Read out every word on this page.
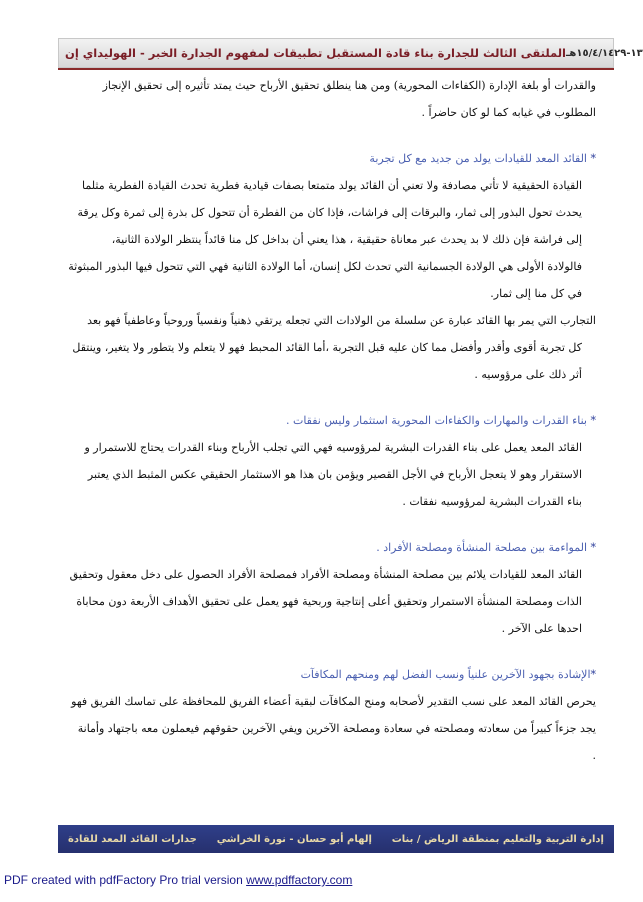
الملتقى الثالث للجدارة بناء قادة المستقبل تطبيقات لمفهوم الجدارة الخبر - الهوليداي إن ١٣-١٥/٤/١٤٢٩هـ

والقدرات أو بلغة الإدارة (الكفاءات المحورية) ومن هنا ينطلق تحقيق الأرباح حيث يمتد تأثيره إلى تحقيق الإنجاز

المطلوب في غيابه كما لو كان حاضراً .

* القائد المعد للقيادات يولد من جديد مع كل تجربة

القيادة الحقيقية لا تأتي مصادفة ولا تعني أن القائد يولد متمتعا بصفات قيادية فطرية تحدث القيادة الفطرية مثلما

يحدث تحول البذور إلى ثمار، والبرقات إلى فراشات، فإذا كان من الفطرة أن تتحول كل بذرة إلى ثمرة وكل يرقة

إلى فراشة فإن ذلك لا بد يحدث عبر معاناة حقيقية ، هذا يعني أن بداخل كل منا قائداً ينتظر الولادة الثانية،

فالولادة الأولى هي الولادة الجسمانية التي تحدث لكل إنسان، أما الولادة الثانية فهي التي تتحول فيها البذور المبثوثة

في كل منا إلى ثمار.

التجارب التي يمر بها القائد عبارة عن سلسلة من الولادات التي تجعله يرتقي ذهنياً ونفسياً وروحياً وعاطفياً فهو بعد

كل تجربة أقوى وأقدر وأفضل مما كان عليه قبل التجربة ،أما القائد المحبط فهو لا يتعلم ولا يتطور ولا يتغير، وينتقل

أثر ذلك على مرؤوسيه .

* بناء القدرات والمهارات والكفاءات المحورية استثمار وليس نفقات .

القائد المعد يعمل على بناء القدرات البشرية لمرؤوسيه فهي التي تجلب الأرباح وبناء القدرات يحتاج للاستمرار و

الاستقرار وهو لا يتعجل الأرباح في الأجل القصير ويؤمن بان هذا هو الاستثمار الحقيقي عكس المثبط الذي يعتبر

بناء القدرات البشرية لمرؤوسيه نفقات .

* المواءمة بين مصلحة المنشأة ومصلحة الأفراد .

القائد المعد للقيادات يلائم بين مصلحة المنشأة ومصلحة الأفراد فمصلحة الأفراد الحصول على دخل معقول وتحقيق

الذات ومصلحة المنشأة الاستمرار وتحقيق أعلى إنتاجية وربحية فهو يعمل على تحقيق الأهداف الأربعة دون محاباة

احدها على الآخر .

*الإشادة بجهود الآخرين علنياً ونسب الفضل لهم ومنحهم المكافآت

يحرص القائد المعد على نسب التقدير لأصحابه ومنح المكافآت لبقية أعضاء الفريق للمحافظة على تماسك الفريق فهو

يجد جزءاً كبيراً من سعادته ومصلحته في سعادة ومصلحة الآخرين ويفي الآخرين حقوقهم فيعملون معه باجتهاد وأمانة

.

جدارات القائد المعد للقادة إلهام أبو حسان - نورة الخراشي إدارة التربية والتعليم بمنطقة الرياض / بنات
PDF created with pdfFactory Pro trial version www.pdffactory.com
